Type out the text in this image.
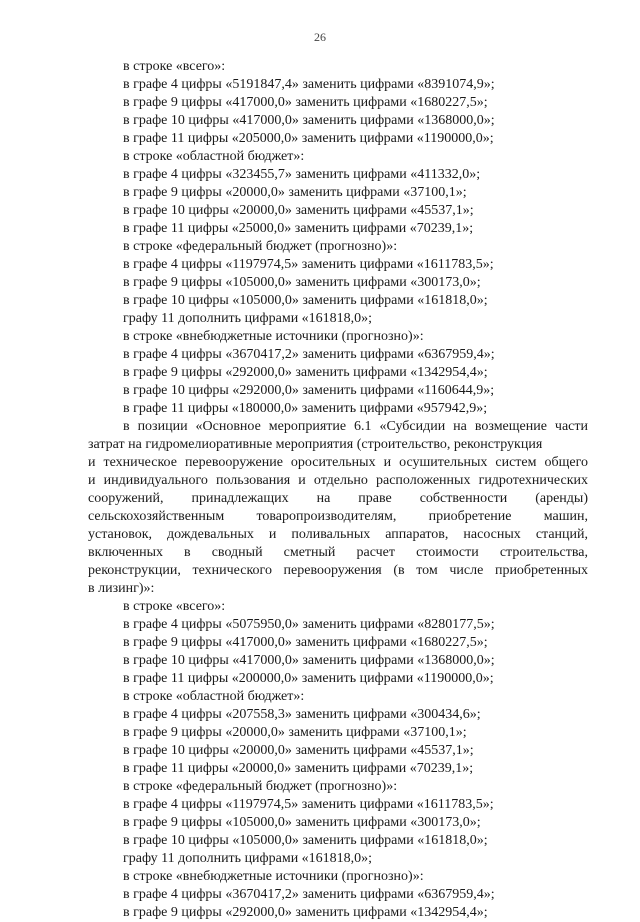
26
в строке «всего»:
в графе 4 цифры «5191847,4» заменить цифрами «8391074,9»;
в графе 9 цифры «417000,0» заменить цифрами «1680227,5»;
в графе 10 цифры «417000,0» заменить цифрами «1368000,0»;
в графе 11 цифры «205000,0» заменить цифрами «1190000,0»;
в строке «областной бюджет»:
в графе 4 цифры «323455,7» заменить цифрами «411332,0»;
в графе 9 цифры «20000,0» заменить цифрами «37100,1»;
в графе 10 цифры «20000,0» заменить цифрами «45537,1»;
в графе 11 цифры «25000,0» заменить цифрами «70239,1»;
в строке «федеральный бюджет (прогнозно)»:
в графе 4 цифры «1197974,5» заменить цифрами «1611783,5»;
в графе 9 цифры «105000,0» заменить цифрами «300173,0»;
в графе 10 цифры «105000,0» заменить цифрами «161818,0»;
графу 11 дополнить цифрами «161818,0»;
в строке «внебюджетные источники (прогнозно)»:
в графе 4 цифры «3670417,2» заменить цифрами «6367959,4»;
в графе 9 цифры «292000,0» заменить цифрами «1342954,4»;
в графе 10 цифры «292000,0» заменить цифрами «1160644,9»;
в графе 11 цифры «180000,0» заменить цифрами «957942,9»;
в позиции «Основное мероприятие 6.1 «Субсидии на возмещение части
затрат на гидромелиоративные мероприятия (строительство, реконструкция
и техническое перевооружение оросительных и осушительных систем общего
и индивидуального пользования и отдельно расположенных гидротехнических
сооружений, принадлежащих на праве собственности (аренды)
сельскохозяйственным товаропроизводителям, приобретение машин,
установок, дождевальных и поливальных аппаратов, насосных станций,
включенных в сводный сметный расчет стоимости строительства,
реконструкции, технического перевооружения (в том числе приобретенных
в лизинг)»:
в строке «всего»:
в графе 4 цифры «5075950,0» заменить цифрами «8280177,5»;
в графе 9 цифры «417000,0» заменить цифрами «1680227,5»;
в графе 10 цифры «417000,0» заменить цифрами «1368000,0»;
в графе 11 цифры «200000,0» заменить цифрами «1190000,0»;
в строке «областной бюджет»:
в графе 4 цифры «207558,3» заменить цифрами «300434,6»;
в графе 9 цифры «20000,0» заменить цифрами «37100,1»;
в графе 10 цифры «20000,0» заменить цифрами «45537,1»;
в графе 11 цифры «20000,0» заменить цифрами «70239,1»;
в строке «федеральный бюджет (прогнозно)»:
в графе 4 цифры «1197974,5» заменить цифрами «1611783,5»;
в графе 9 цифры «105000,0» заменить цифрами «300173,0»;
в графе 10 цифры «105000,0» заменить цифрами «161818,0»;
графу 11 дополнить цифрами «161818,0»;
в строке «внебюджетные источники (прогнозно)»:
в графе 4 цифры «3670417,2» заменить цифрами «6367959,4»;
в графе 9 цифры «292000,0» заменить цифрами «1342954,4»;
